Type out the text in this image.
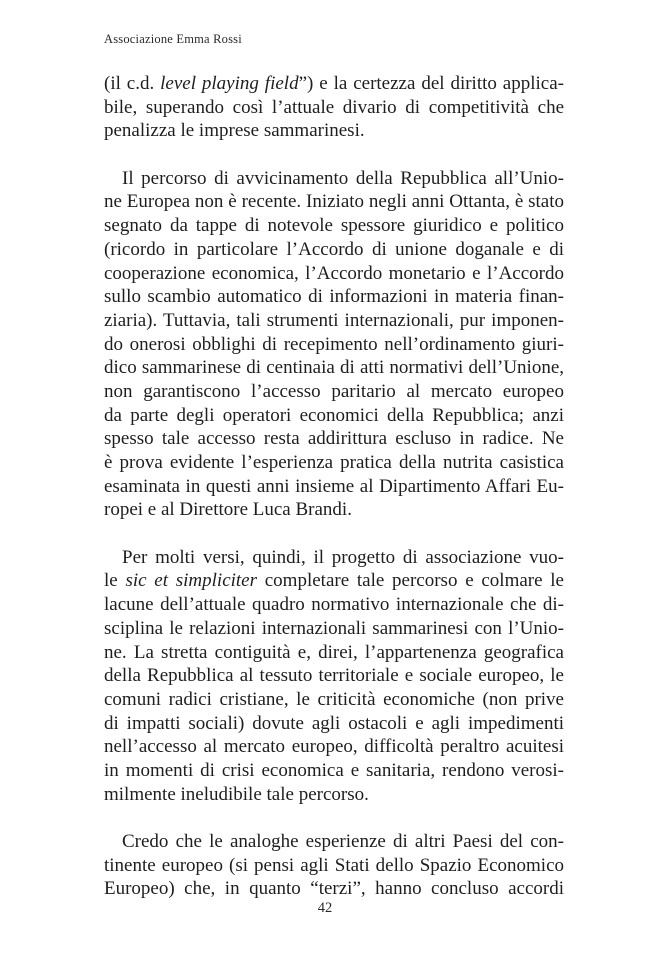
Associazione Emma Rossi

(il c.d. level playing field”) e la certezza del diritto applica-
bile, superando così l’attuale divario di competitività che
penalizza le imprese sammarinesi.

Il percorso di avvicinamento della Repubblica all’Unio-
ne Europea non è recente. Iniziato negli anni Ottanta, è stato
segnato da tappe di notevole spessore giuridico e politico
(ricordo in particolare l’Accordo di unione doganale e di
cooperazione economica, l’Accordo monetario e l’Accordo
sullo scambio automatico di informazioni in materia finan-
ziaria). Tuttavia, tali strumenti internazionali, pur imponen-
do onerosi obblighi di recepimento nell’ordinamento giuri-
dico sammarinese di centinaia di atti normativi dell’Unione,
non garantiscono l’accesso paritario al mercato europeo
da parte degli operatori economici della Repubblica; anzi
spesso tale accesso resta addirittura escluso in radice. Ne
è prova evidente l’esperienza pratica della nutrita casistica
esaminata in questi anni insieme al Dipartimento Affari Eu-
ropei e al Direttore Luca Brandi.

Per molti versi, quindi, il progetto di associazione vuo-
le sic et simpliciter completare tale percorso e colmare le
lacune dell’attuale quadro normativo internazionale che di-
sciplina le relazioni internazionali sammarinesi con l’Unio-
ne. La stretta contiguità e, direi, l’appartenenza geografica
della Repubblica al tessuto territoriale e sociale europeo, le
comuni radici cristiane, le criticità economiche (non prive
di impatti sociali) dovute agli ostacoli e agli impedimenti
nell’accesso al mercato europeo, difficoltà peraltro acuitesi
in momenti di crisi economica e sanitaria, rendono verosi-
milmente ineludibile tale percorso.

Credo che le analoghe esperienze di altri Paesi del con-
tinente europeo (si pensi agli Stati dello Spazio Economico
Europeo) che, in quanto “terzi”, hanno concluso accordi

42
